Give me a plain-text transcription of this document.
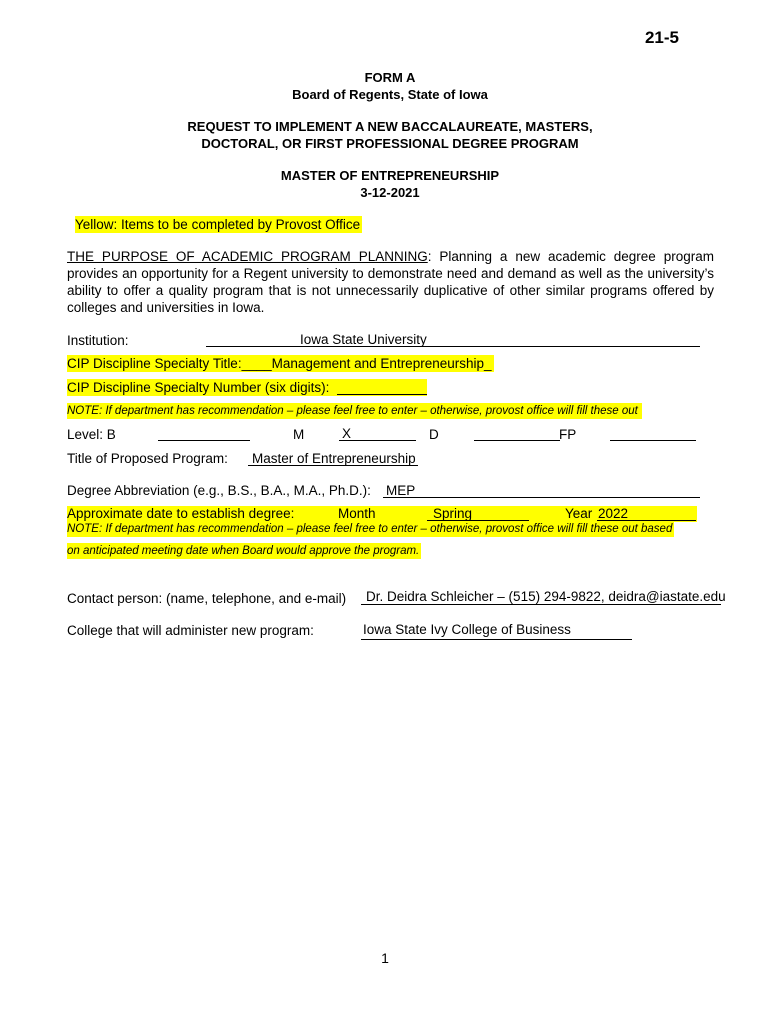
21-5
FORM A
Board of Regents, State of Iowa
REQUEST TO IMPLEMENT A NEW BACCALAUREATE, MASTERS,
DOCTORAL, OR FIRST PROFESSIONAL DEGREE PROGRAM
MASTER OF ENTREPRENEURSHIP
3-12-2021
Yellow: Items to be completed by Provost Office
THE PURPOSE OF ACADEMIC PROGRAM PLANNING: Planning a new academic degree program provides an opportunity for a Regent university to demonstrate need and demand as well as the university’s ability to offer a quality program that is not unnecessarily duplicative of other similar programs offered by colleges and universities in Iowa.
Institution:	Iowa State University
CIP Discipline Specialty Title:____Management and Entrepreneurship_
CIP Discipline Specialty Number (six digits):
NOTE: If department has recommendation – please feel free to enter – otherwise, provost office will fill these out
Level: B	M	X	D	FP
Title of Proposed Program: Master of Entrepreneurship
Degree Abbreviation (e.g., B.S., B.A., M.A., Ph.D.): MEP
Approximate date to establish degree:	Month	Spring	Year 2022
NOTE: If department has recommendation – please feel free to enter – otherwise, provost office will fill these out based
on anticipated meeting date when Board would approve the program.
Contact person: (name, telephone, and e-mail) Dr. Deidra Schleicher – (515) 294-9822, deidra@iastate.edu
College that will administer new program:	Iowa State Ivy College of Business
1
